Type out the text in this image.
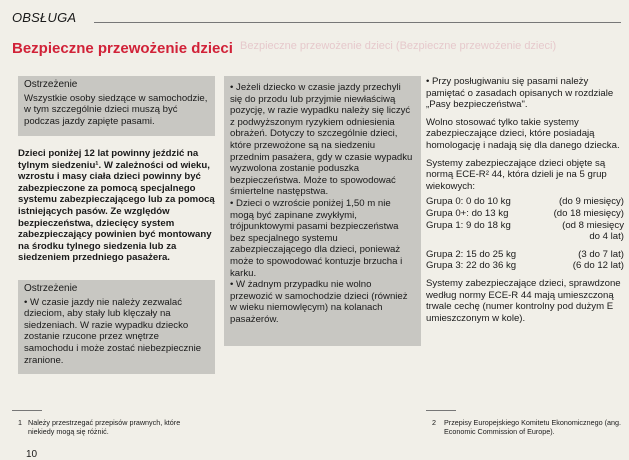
OBSŁUGA
Bezpieczne przewożenie dzieci Bezpieczne przewożenie dzieci (Bezpieczne przewożenie dzieci)
Ostrzeżenie

Wszystkie osoby siedzące w samochodzie, w tym szczególnie dzieci muszą być podczas jazdy zapięte pasami.

Dzieci poniżej 12 lat powinny jeździć na tylnym siedzeniu¹. W zależności od wieku, wzrostu i masy ciała dzieci powinny być zabezpieczone za pomocą specjalnego systemu zabezpieczającego lub za pomocą istniejących pasów. Ze względów bezpieczeństwa, dziecięcy system zabezpieczający powinien być montowany na środku tylnego siedzenia lub za siedzeniem przedniego pasażera.
Ostrzeżenie

• W czasie jazdy nie należy zezwalać dzieciom, aby stały lub klęczały na siedzeniach. W razie wypadku dziecko zostanie rzucone przez wnętrze samochodu i może zostać niebezpiecznie zranione.

1 Należy przestrzegać przepisów prawnych, które niekiedy mogą się różnić.
10

• Jeżeli dziecko w czasie jazdy przechyli się do przodu lub przyjmie niewłaściwą pozycję, w razie wypadku należy się liczyć z podwyższonym ryzykiem odniesienia obrażeń. Dotyczy to szczególnie dzieci, które przewożone są na siedzeniu przednim pasażera, gdy w czasie wypadku wyzwolona zostanie poduszka bezpieczeństwa. Może to spowodować śmiertelne następstwa.

• Dzieci o wzroście poniżej 1,50 m nie mogą być zapinane zwykłymi, trójpunktowymi pasami bezpieczeństwa bez specjalnego systemu zabezpieczającego dla dzieci, ponieważ może to spowodować kontuzje brzucha i karku.

• W żadnym przypadku nie wolno przewozić w samochodzie dzieci (również w wieku niemowlęcym) na kolanach pasażerów.

• Przy posługiwaniu się pasami należy pamiętać o zasadach opisanych w rozdziale „Pasy bezpieczeństwa".

Wolno stosować tylko takie systemy zabezpieczające dzieci, które posiadają homologację i nadają się dla danego dziecka.

Systemy zabezpieczające dzieci objęte są normą ECE-R² 44, która dzieli je na 5 grup wiekowych:

Grupa 0: 0 do 10 kg	(do 9 miesięcy)
Grupa 0+: do 13 kg	(do 18 miesięcy)
Grupa 1: 9 do 18 kg	(od 8 miesięcy
do 4 lat)
Grupa 2: 15 do 25 kg	(3 do 7 lat)
Grupa 3: 22 do 36 kg	(6 do 12 lat)

Systemy zabezpieczające dzieci, sprawdzone według normy ECE-R 44 mają umieszczoną trwale cechę (numer kontrolny pod dużym E umieszczonym w kole).

2 Przepisy Europejskiego Komitetu Ekonomicznego (ang. Economic Commission of Europe).
